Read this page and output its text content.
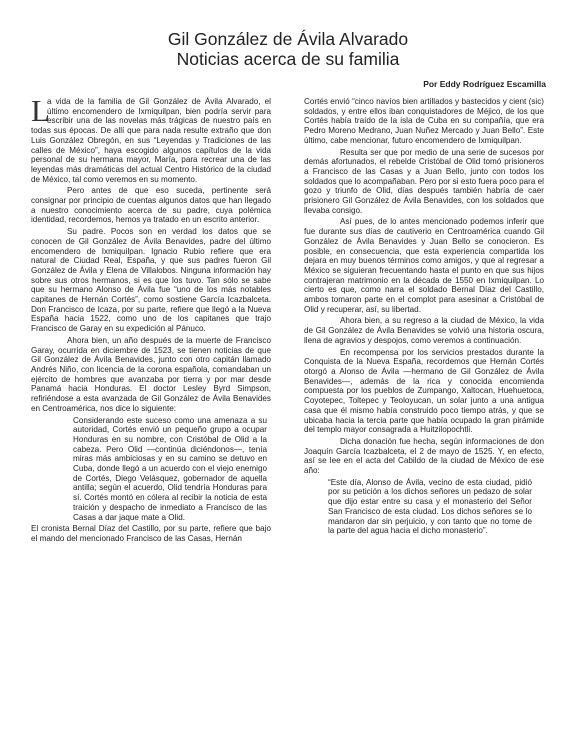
Gil González de Ávila Alvarado
Noticias acerca de su familia
Por Eddy Rodríguez Escamilla

L
a vida de la familia de Gil González de Ávila Alvarado, el último encomendero de Ixmiquilpan, bien podría servir para escribir una de las novelas más trágicas de nuestro país en todas sus épocas. De allí que para nada resulte extraño que don Luis González Obregón, en sus “Leyendas y Tradiciones de las calles de México”, haya escogido algunos capítulos de la vida personal de su hermana mayor, María, para recrear una de las leyendas más dramáticas del actual Centro Histórico de la ciudad de México, tal como veremos en su momento.

Pero antes de que eso suceda, pertinente será consignar por principio de cuentas algunos datos que han llegado a nuestro conocimiento acerca de su padre, cuya polémica identidad, recordemos, hemos ya tratado en un escrito anterior.

Su padre. Pocos son en verdad los datos que se conocen de Gil González de Ávila Benavides, padre del último encomendero de Ixmiquilpan. Ignacio Rubio refiere que era natural de Ciudad Real, España, y que sus padres fueron Gil González de Ávila y Elena de Villalobos. Ninguna información hay sobre sus otros hermanos, si es que los tuvo. Tan sólo se sabe que su hermano Alonso de Ávila fue “uno de los más notables capitanes de Hernán Cortés”, como sostiene García Icazbalceta. Don Francisco de Icaza, por su parte, refiere que llegó a la Nueva España hacia 1522, como uno de los capitanes que trajo Francisco de Garay en su expedición al Pánuco.

Ahora bien, un año después de la muerte de Francisco Garay, ocurrida en diciembre de 1523, se tienen noticias de que Gil González de Ávila Benavides, junto con otro capitán llamado Andrés Niño, con licencia de la corona española, comandaban un ejército de hombres que avanzaba por tierra y por mar desde Panamá hacia Honduras. El doctor Lesley Byrd Simpson, refiriéndose a esta avanzada de Gil González de Ávila Benavides en Centroamérica, nos dice lo siguiente:

Considerando este suceso como una amenaza a su autoridad, Cortés envió un pequeño grupo a ocupar Honduras en su nombre, con Cristóbal de Olid a la cabeza. Pero Olid —continúa diciéndonos—, tenía miras más ambiciosas y en su camino se detuvo en Cuba, donde llegó a un acuerdo con el viejo enemigo de Cortés, Diego Velásquez, gobernador de aquella antilla; según el acuerdo, Olid tendría Honduras para sí. Cortés montó en cólera al recibir la noticia de esta traición y despacho de inmediato a Francisco de las Casas a dar jaque mate a Olid.

El cronista Bernal Díaz del Castillo, por su parte, refiere que bajo el mando del mencionado Francisco de las Casas, Hernán

Cortés envió “cinco navíos bien artillados y bastecidos y cient (sic) soldados, y entre ellos iban conquistadores de Méjico, de los que Cortés había traído de la isla de Cuba en su compañía, que era Pedro Moreno Medrano, Juan Nuñez Mercado y Juan Bello”. Este último, cabe mencionar, futuro encomendero de Ixmiquilpan.

Resulta ser que por medio de una serie de sucesos por demás afortunados, el rebelde Cristóbal de Olid tomó prisioneros a Francisco de las Casas y a Juan Bello, junto con todos los soldados que lo acompañaban. Pero por si esto fuera poco para el gozo y triunfo de Olid, días después también habría de caer prisionero Gil González de Ávila Benavides, con los soldados que llevaba consigo.

Así pues, de lo antes mencionado podemos inferir que fue durante sus días de cautiverio en Centroamérica cuando Gil González de Ávila Benavides y Juan Bello se conocieron. Es posible, en consecuencia, que esta experiencia compartida los dejara en muy buenos términos como amigos, y que al regresar a México se siguieran frecuentando hasta el punto en que sus hijos contrajeran matrimonio en la década de 1550 en Ixmiquilpan. Lo cierto es que, como narra el soldado Bernal Díaz del Castillo, ambos tomaron parte en el complot para asesinar a Cristóbal de Olid y recuperar, así, su libertad.

Ahora bien, a su regreso a la ciudad de México, la vida de Gil González de Ávila Benavides se volvió una historia oscura, llena de agravios y despojos, como veremos a continuación.

En recompensa por los servicios prestados durante la Conquista de la Nueva España, recordemos que Hernán Cortés otorgó a Alonso de Ávila —hermano de Gil González de Ávila Benavides—, además de la rica y conocida encomienda compuesta por los pueblos de Zumpango, Xaltocan, Huehuetoca, Coyotepec, Toltepec y Teoloyucan, un solar junto a una antigua casa que él mismo había construido poco tiempo atrás, y que se ubicaba hacia la tercia parte que había ocupado la gran pirámide del templo mayor consagrada a Huitzilopochtli.

Dicha donación fue hecha, según informaciones de don Joaquín García Icazbalceta, el 2 de mayo de 1525. Y, en efecto, así se lee en el acta del Cabildo de la ciudad de México de ese año:

“Este día, Alonso de Ávila, vecino de esta ciudad, pidió por su petición a los dichos señores un pedazo de solar que dijo estar entre su casa y el monasterio del Señor San Francisco de esta ciudad. Los dichos señores se lo mandaron dar sin perjuicio, y con tanto que no tome de la parte del agua hacia el dicho monasterio”.
